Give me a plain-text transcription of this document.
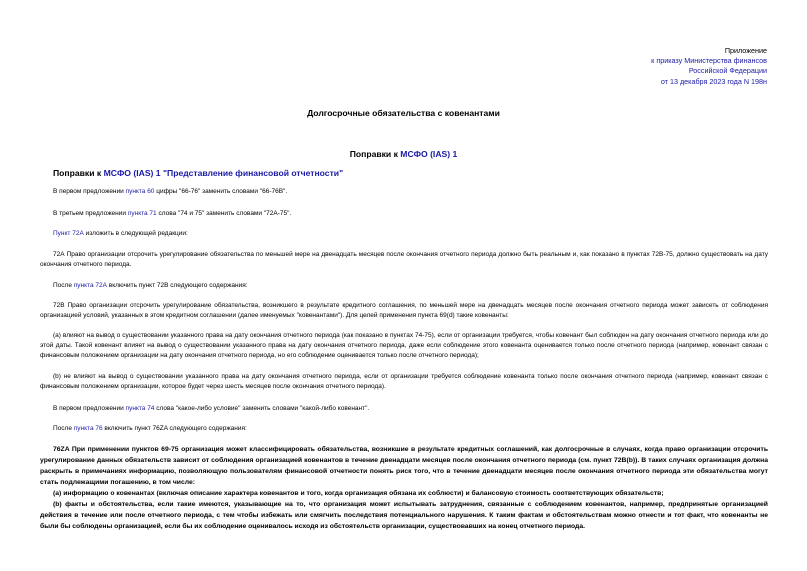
Приложение
к приказу Министерства финансов
Российской Федерации
от 13 декабря 2023 года N 198н
Долгосрочные обязательства с ковенантами
Поправки к МСФО (IAS) 1
Поправки к МСФО (IAS) 1 "Представление финансовой отчетности"

В первом предложении пункта 60 цифры "66-76" заменить словами "66-76В".

В третьем предложении пункта 71 слова "74 и 75" заменить словами "72А-75".

Пункт 72А изложить в следующей редакции:

72А Право организации отсрочить урегулирование обязательства по меньшей мере на двенадцать месяцев после окончания отчетного периода должно быть реальным и, как показано в пунктах 72В-75, должно существовать на дату окончания отчетного периода.

После пункта 72А включить пункт 72В следующего содержания:

72В Право организации отсрочить урегулирование обязательства, возникшего в результате кредитного соглашения, по меньшей мере на двенадцать месяцев после окончания отчетного периода может зависеть от соблюдения организацией условий, указанных в этом кредитном соглашении (далее именуемых "ковенантами"). Для целей применения пункта 69(d) такие ковенанты:

(а) влияют на вывод о существовании указанного права на дату окончания отчетного периода (как показано в пунктах 74-75), если от организации требуется, чтобы ковенант был соблюден на дату окончания отчетного периода или до этой даты. Такой ковенант влияет на вывод о существовании указанного права на дату окончания отчетного периода, даже если соблюдение этого ковенанта оценивается только после отчетного периода (например, ковенант связан с финансовым положением организации на дату окончания отчетного периода, но его соблюдение оценивается только после отчетного периода);

(b) не влияют на вывод о существовании указанного права на дату окончания отчетного периода, если от организации требуется соблюдение ковенанта только после окончания отчетного периода (например, ковенант связан с финансовым положением организации, которое будет через шесть месяцев после окончания отчетного периода).

В первом предложении пункта 74 слова "какое-либо условие" заменить словами "какой-либо ковенант".

После пункта 76 включить пункт 76ZA следующего содержания:

76ZA При применении пунктов 69-75 организация может классифицировать обязательства, возникшие в результате кредитных соглашений, как долгосрочные в случаях, когда право организации отсрочить урегулирование данных обязательств зависит от соблюдения организацией ковенантов в течение двенадцати месяцев после окончания отчетного периода (см. пункт 72В(b)). В таких случаях организация должна раскрыть в примечаниях информацию, позволяющую пользователям финансовой отчетности понять риск того, что в течение двенадцати месяцев после окончания отчетного периода эти обязательства могут стать подлежащими погашению, в том числе:

(а) информацию о ковенантах (включая описание характера ковенантов и того, когда организация обязана их соблюсти) и балансовую стоимость соответствующих обязательств;

(b) факты и обстоятельства, если такие имеются, указывающие на то, что организация может испытывать затруднения, связанные с соблюдением ковенантов, например, предпринятые организацией действия в течение или после отчетного периода, с тем чтобы избежать или смягчить последствия потенциального нарушения. К таким фактам и обстоятельствам можно отнести и тот факт, что ковенанты не были бы соблюдены организацией, если бы их соблюдение оценивалось исходя из обстоятельств организации, существовавших на конец отчетного периода.
